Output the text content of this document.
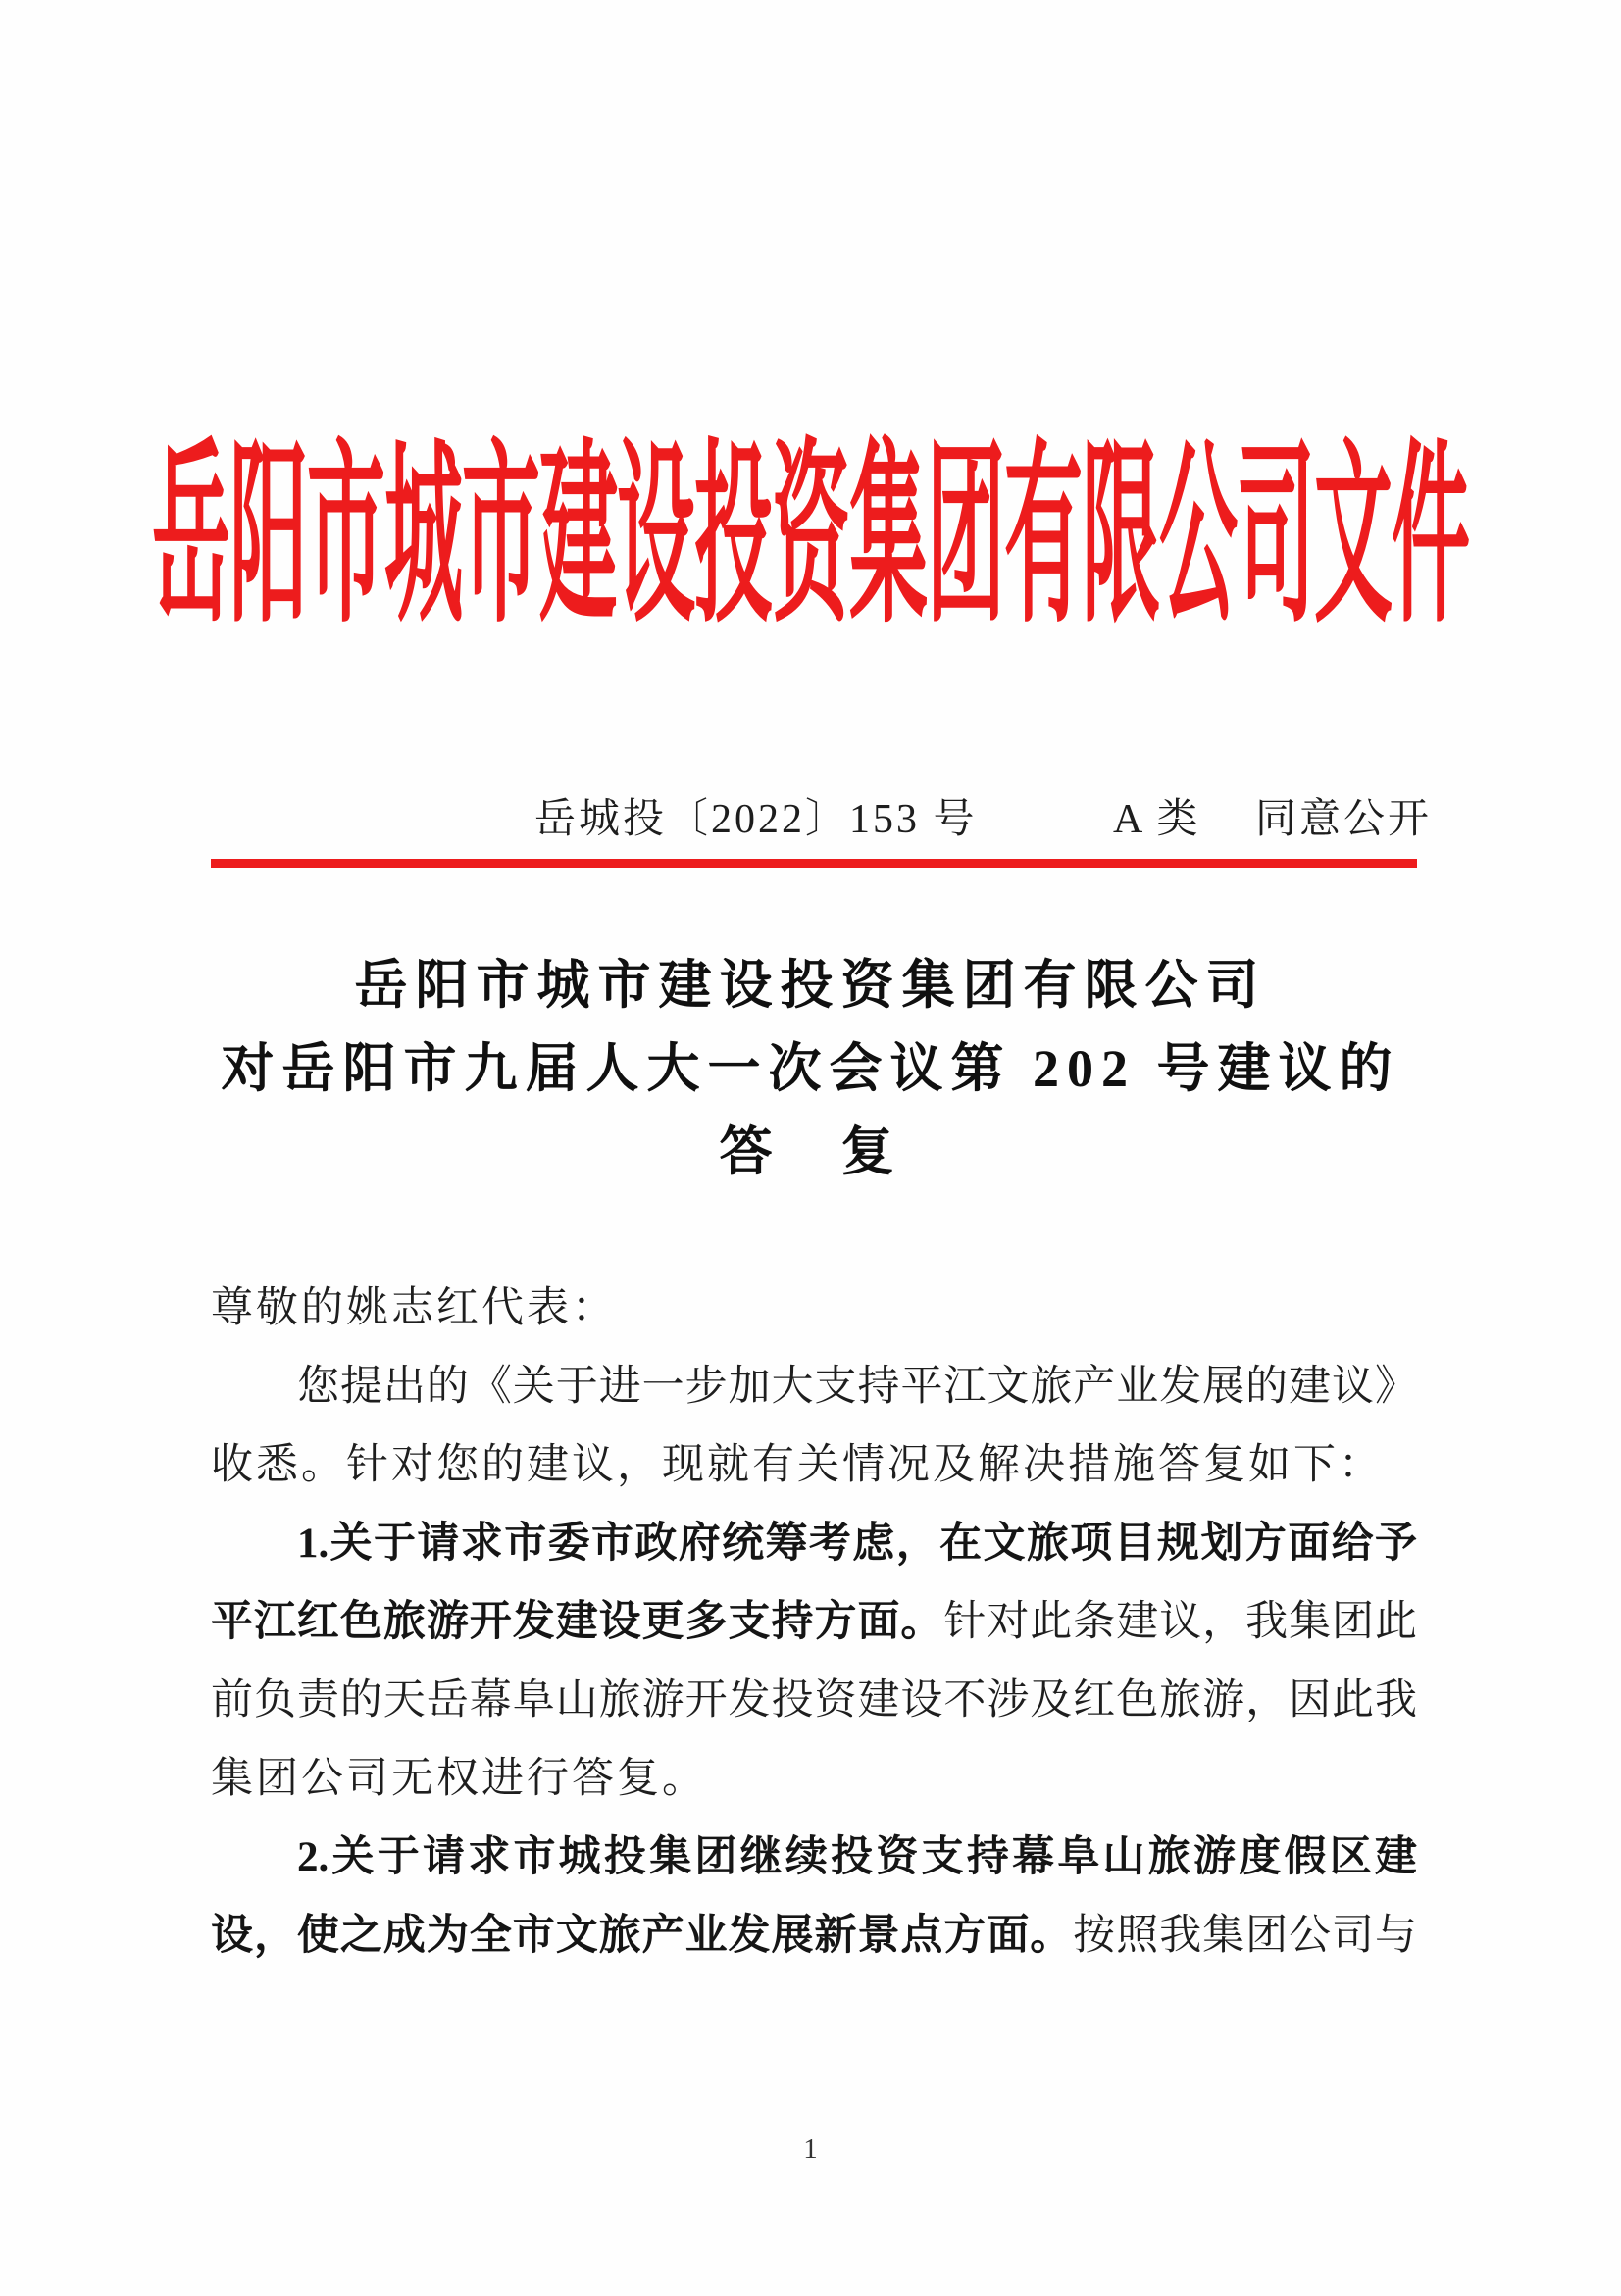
岳阳市城市建设投资集团有限公司文件
岳城投〔2022〕153 号	A 类 同意公开
岳阳市城市建设投资集团有限公司
对岳阳市九届人大一次会议第 202 号建议的
答　复
尊敬的姚志红代表：
您提出的《关于进一步加大支持平江文旅产业发展的建议》
收悉。针对您的建议，现就有关情况及解决措施答复如下：
1.关于请求市委市政府统筹考虑，在文旅项目规划方面给予
平江红色旅游开发建设更多支持方面。针对此条建议，我集团此
前负责的天岳幕阜山旅游开发投资建设不涉及红色旅游，因此我
集团公司无权进行答复。
2.关于请求市城投集团继续投资支持幕阜山旅游度假区建
设，使之成为全市文旅产业发展新景点方面。按照我集团公司与
1
